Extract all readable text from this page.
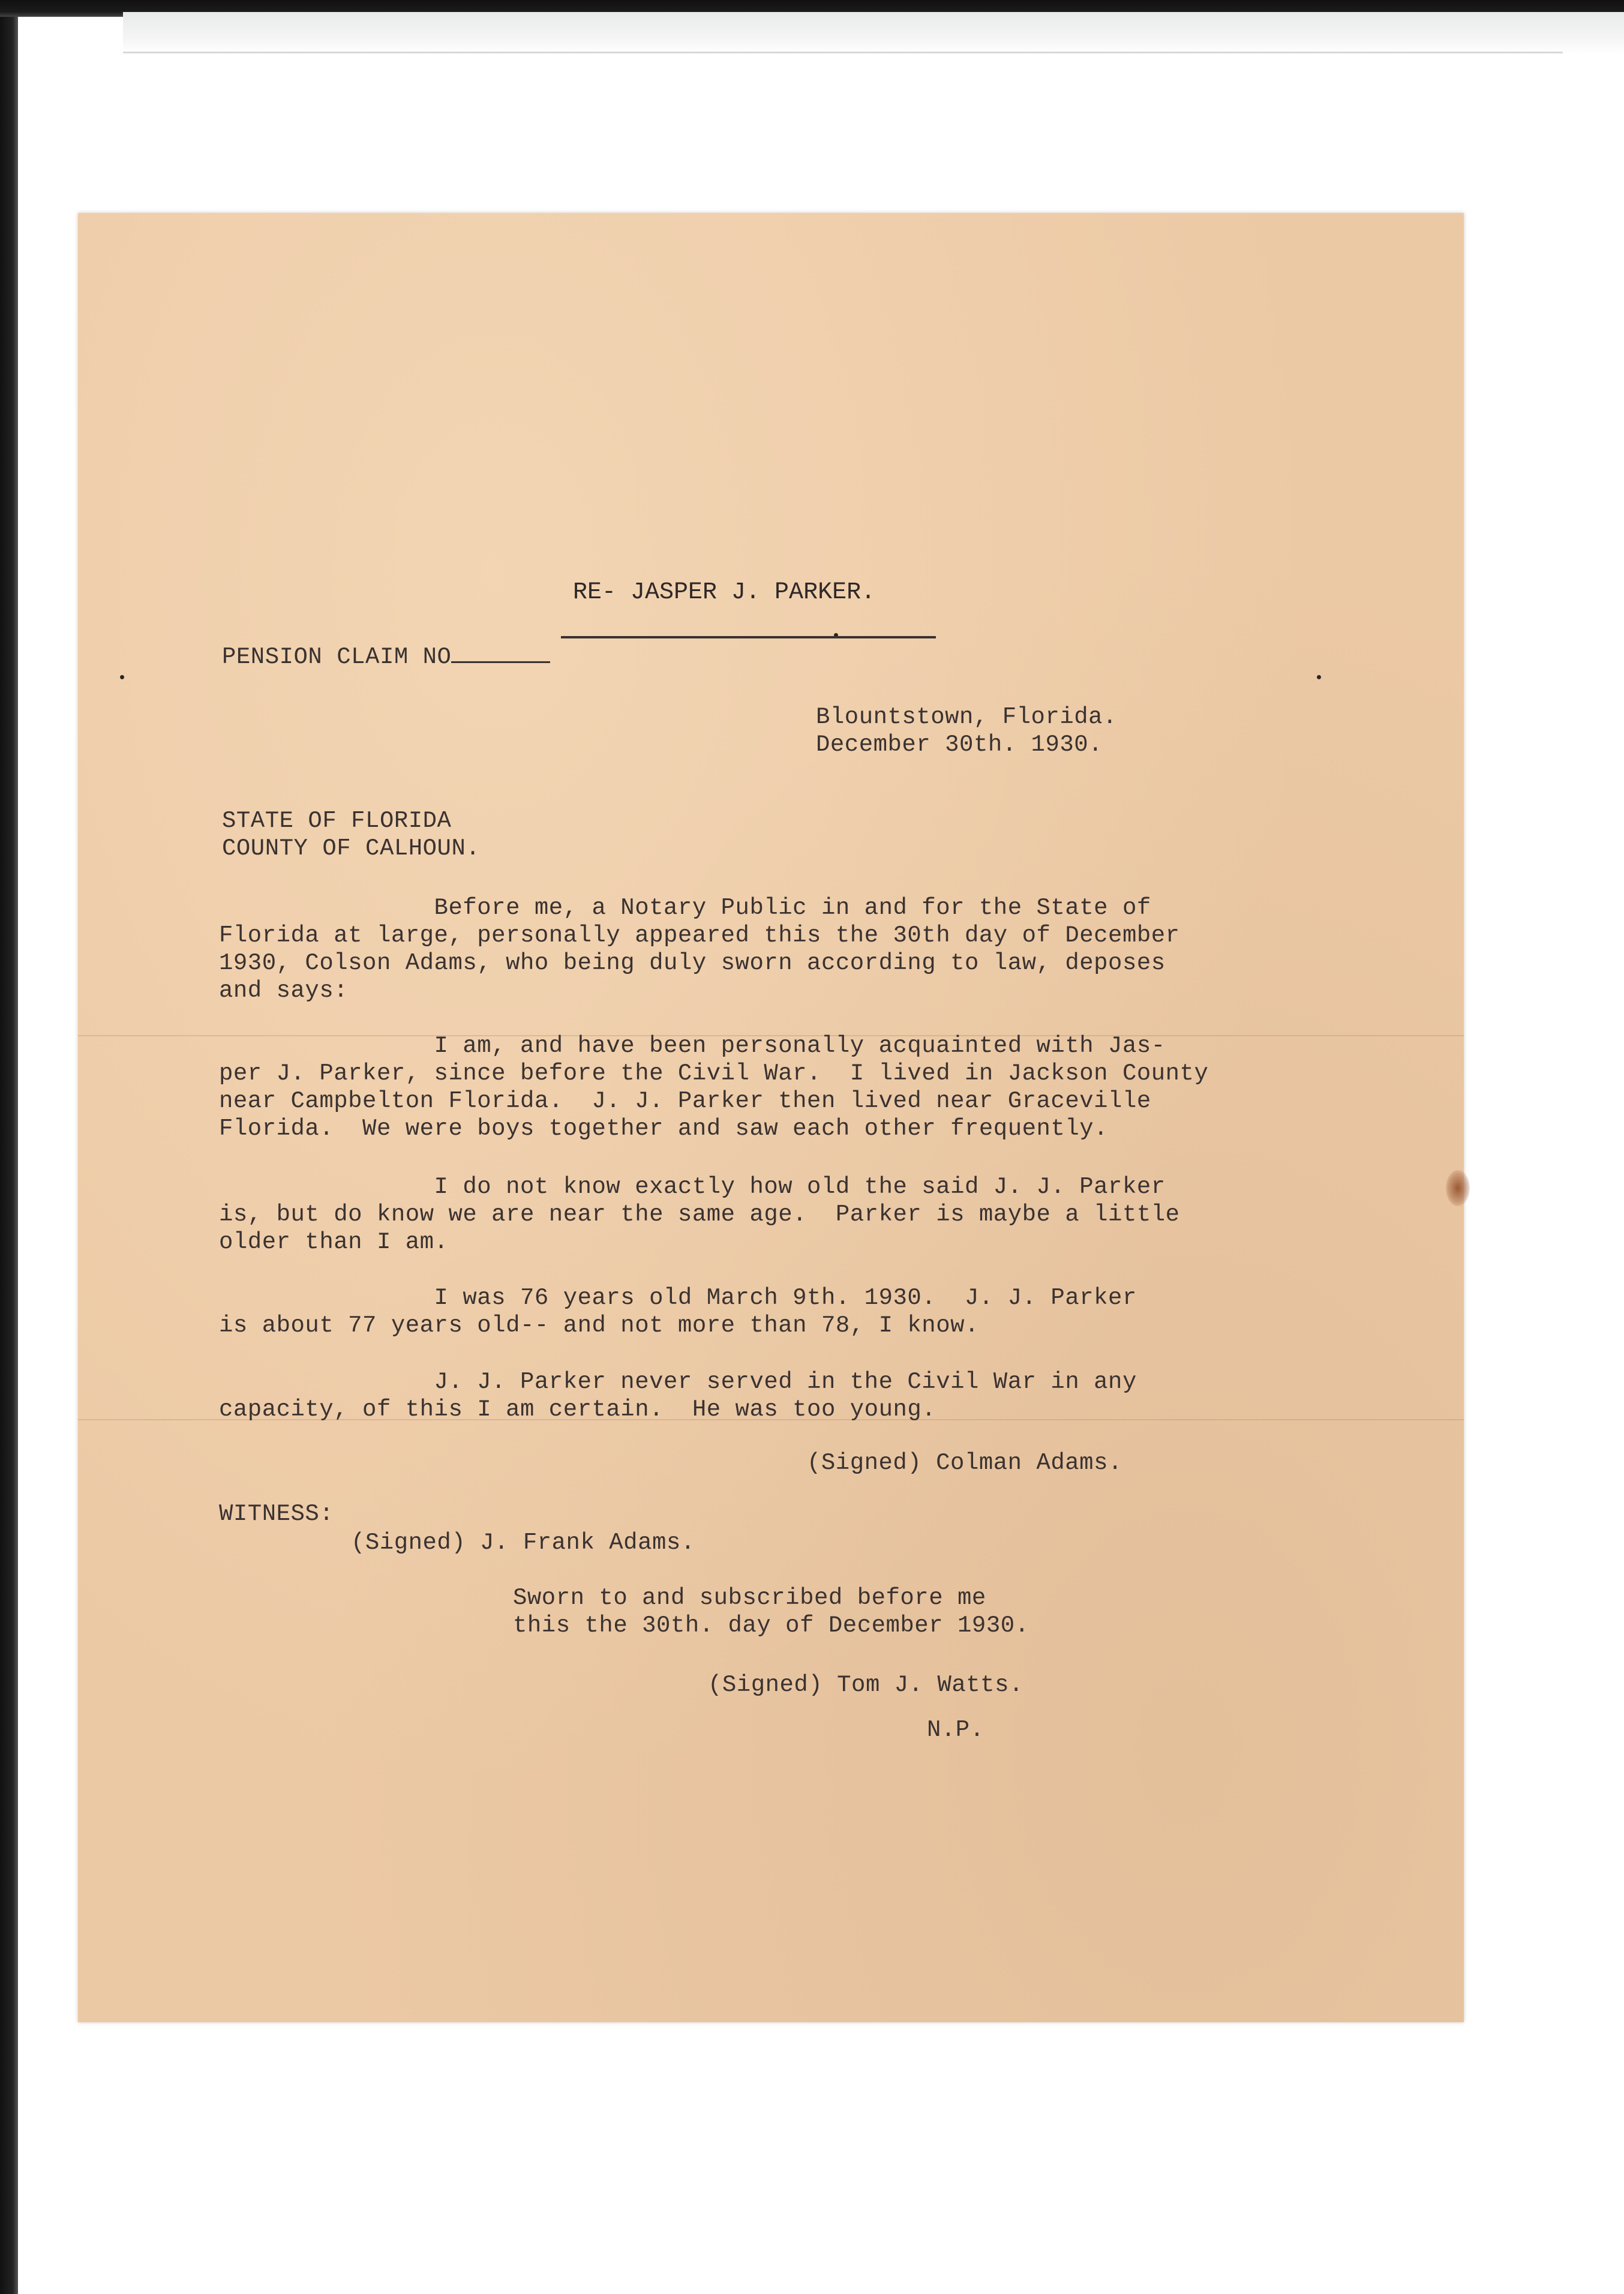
RE- JASPER J. PARKER.
PENSION CLAIM NO
Blountstown, Florida.
December 30th. 1930.
STATE OF FLORIDA
COUNTY OF CALHOUN.
Before me, a Notary Public in and for the State of
Florida at large, personally appeared this the 30th day of December
1930, Colson Adams, who being duly sworn according to law, deposes
and says:
I am, and have been personally acquainted with Jas-
per J. Parker, since before the Civil War.  I lived in Jackson County
near Campbelton Florida.  J. J. Parker then lived near Graceville
Florida.  We were boys together and saw each other frequently.
I do not know exactly how old the said J. J. Parker
is, but do know we are near the same age.  Parker is maybe a little
older than I am.
I was 76 years old March 9th. 1930.  J. J. Parker
is about 77 years old-- and not more than 78, I know.
J. J. Parker never served in the Civil War in any
capacity, of this I am certain.  He was too young.
(Signed) Colman Adams.
WITNESS:
(Signed) J. Frank Adams.
Sworn to and subscribed before me
this the 30th. day of December 1930.
(Signed) Tom J. Watts.
N.P.
